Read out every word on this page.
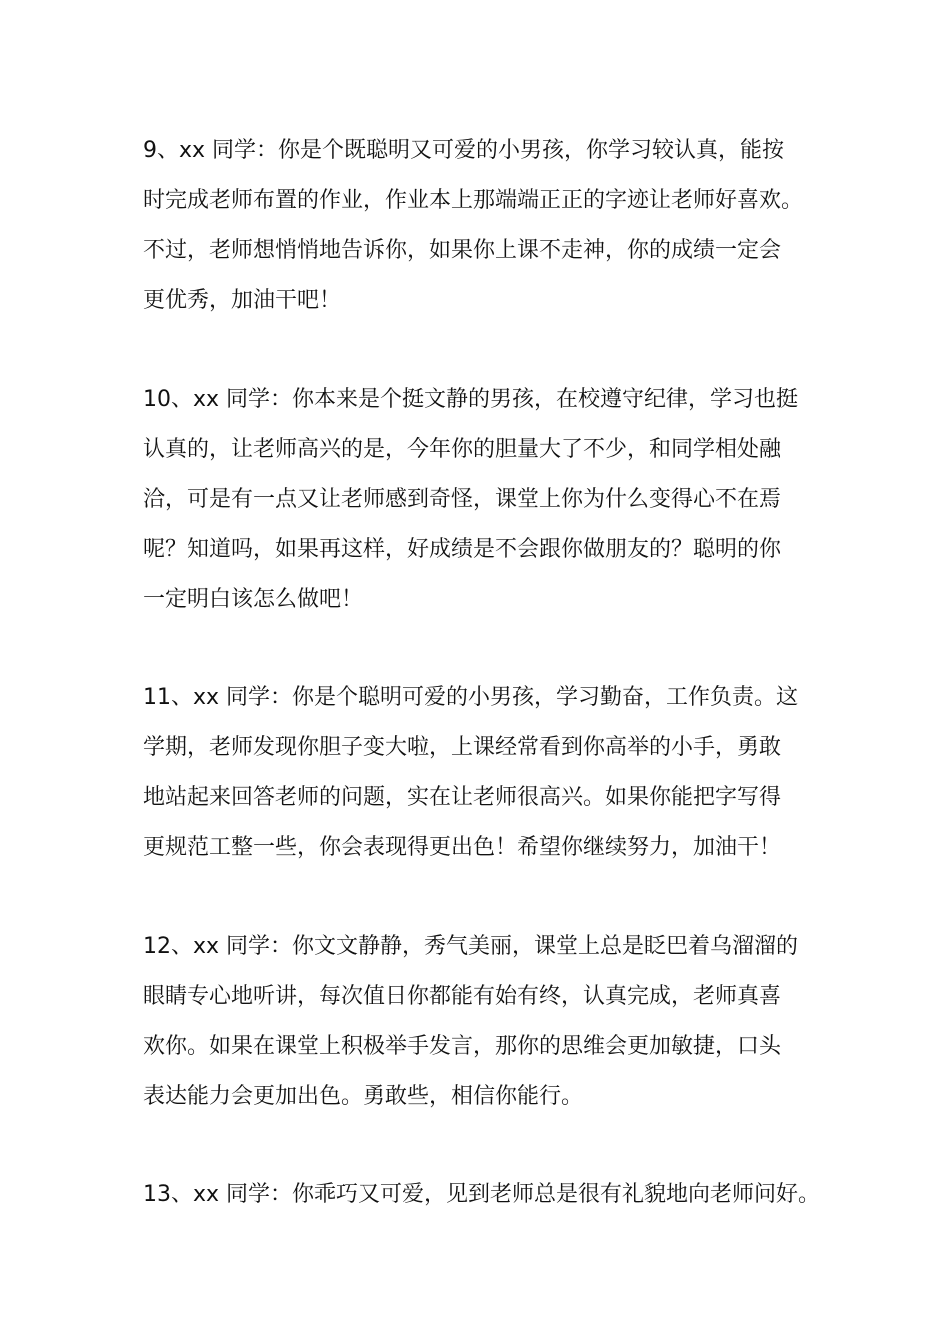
9、xx 同学：你是个既聪明又可爱的小男孩，你学习较认真，能按
时完成老师布置的作业，作业本上那端端正正的字迹让老师好喜欢。
不过，老师想悄悄地告诉你，如果你上课不走神，你的成绩一定会
更优秀，加油干吧！
10、xx 同学：你本来是个挺文静的男孩，在校遵守纪律，学习也挺
认真的，让老师高兴的是，今年你的胆量大了不少，和同学相处融
洽，可是有一点又让老师感到奇怪，课堂上你为什么变得心不在焉
呢？知道吗，如果再这样，好成绩是不会跟你做朋友的？聪明的你
一定明白该怎么做吧！
11、xx 同学：你是个聪明可爱的小男孩，学习勤奋，工作负责。这
学期，老师发现你胆子变大啦，上课经常看到你高举的小手，勇敢
地站起来回答老师的问题，实在让老师很高兴。如果你能把字写得
更规范工整一些，你会表现得更出色！希望你继续努力，加油干！
12、xx 同学：你文文静静，秀气美丽，课堂上总是眨巴着乌溜溜的
眼睛专心地听讲，每次值日你都能有始有终，认真完成，老师真喜
欢你。如果在课堂上积极举手发言，那你的思维会更加敏捷，口头
表达能力会更加出色。勇敢些，相信你能行。
13、xx 同学：你乖巧又可爱，见到老师总是很有礼貌地向老师问好。
